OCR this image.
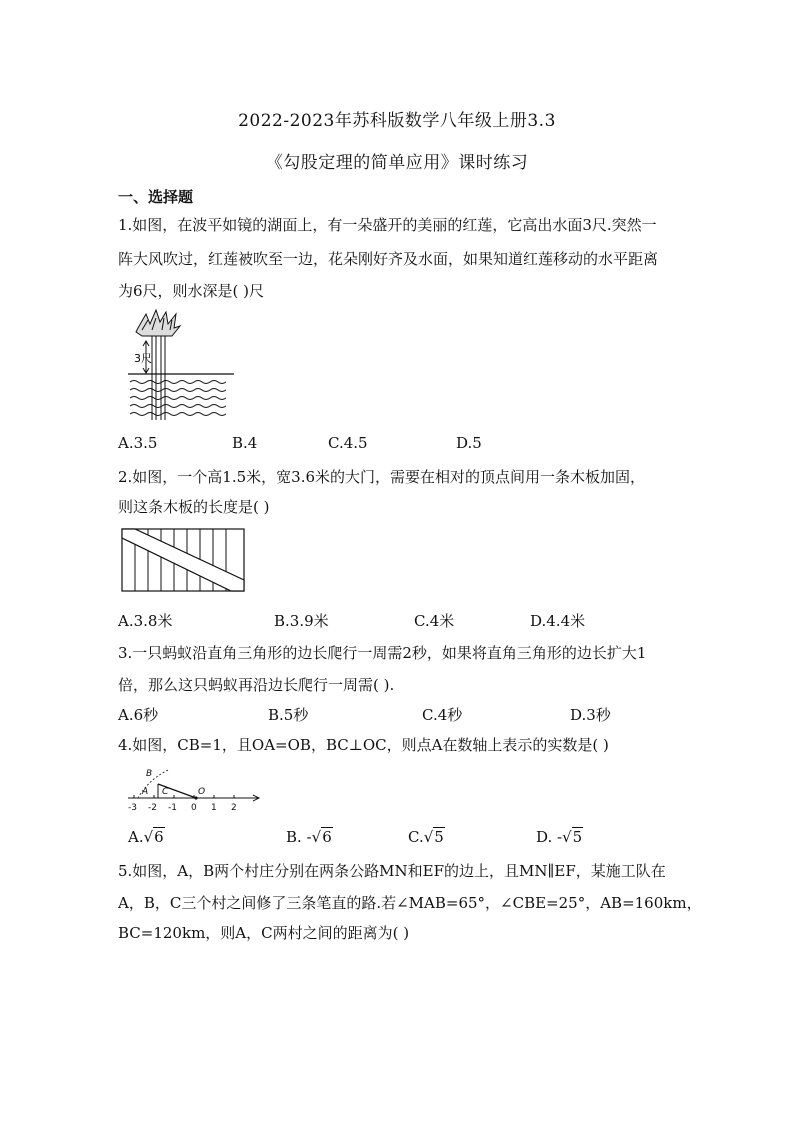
2022-2023年苏科版数学八年级上册3.3
《勾股定理的简单应用》课时练习
一、选择题
1.如图，在波平如镜的湖面上，有一朵盛开的美丽的红莲，它高出水面3尺.突然一
阵大风吹过，红莲被吹至一边，花朵刚好齐及水面，如果知道红莲移动的水平距离
为6尺，则水深是( )尺
3尺
A.3.5	B.4	C.4.5	D.5
2.如图，一个高1.5米，宽3.6米的大门，需要在相对的顶点间用一条木板加固，
则这条木板的长度是( )
A.3.8米	B.3.9米	C.4米	D.4.4米
3.一只蚂蚁沿直角三角形的边长爬行一周需2秒，如果将直角三角形的边长扩大1
倍，那么这只蚂蚁再沿边长爬行一周需( ).
A.6秒	B.5秒	C.4秒	D.3秒
4.如图，CB=1，且OA=OB，BC⊥OC，则点A在数轴上表示的实数是( )
B
A C	O
-3 -2 -1 0 1 2
A.√6	B. -√6	C.√5	D. -√5
5.如图，A，B两个村庄分别在两条公路MN和EF的边上，且MN∥EF，某施工队在
A，B，C三个村之间修了三条笔直的路.若∠MAB=65°，∠CBE=25°，AB=160km，
BC=120km，则A，C两村之间的距离为( )
